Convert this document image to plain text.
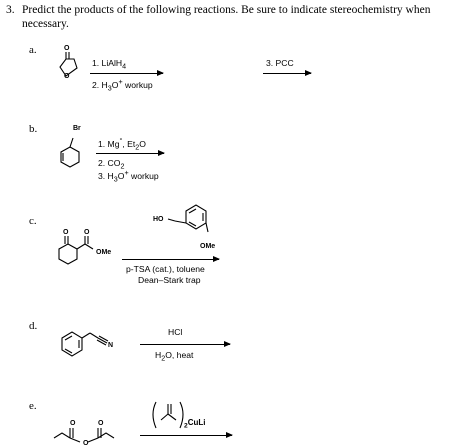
3. Predict the products of the following reactions. Be sure to indicate stereochemistry when
necessary.
a.	O
O
1. LiAlH$_4$
2. $H_3O^+$ workup
3. PCC
b.	Br
1. Mg°, $Et_2O$
2. $CO_2$
3. $H_3O^+$ workup
c.	HO
OMe
O O
OMe
p-TSA (cat.), toluene
Dean–Stark trap
d.
N
HCl
$H_2O$, heat
e.
O	O
O
$_2$CuLi
